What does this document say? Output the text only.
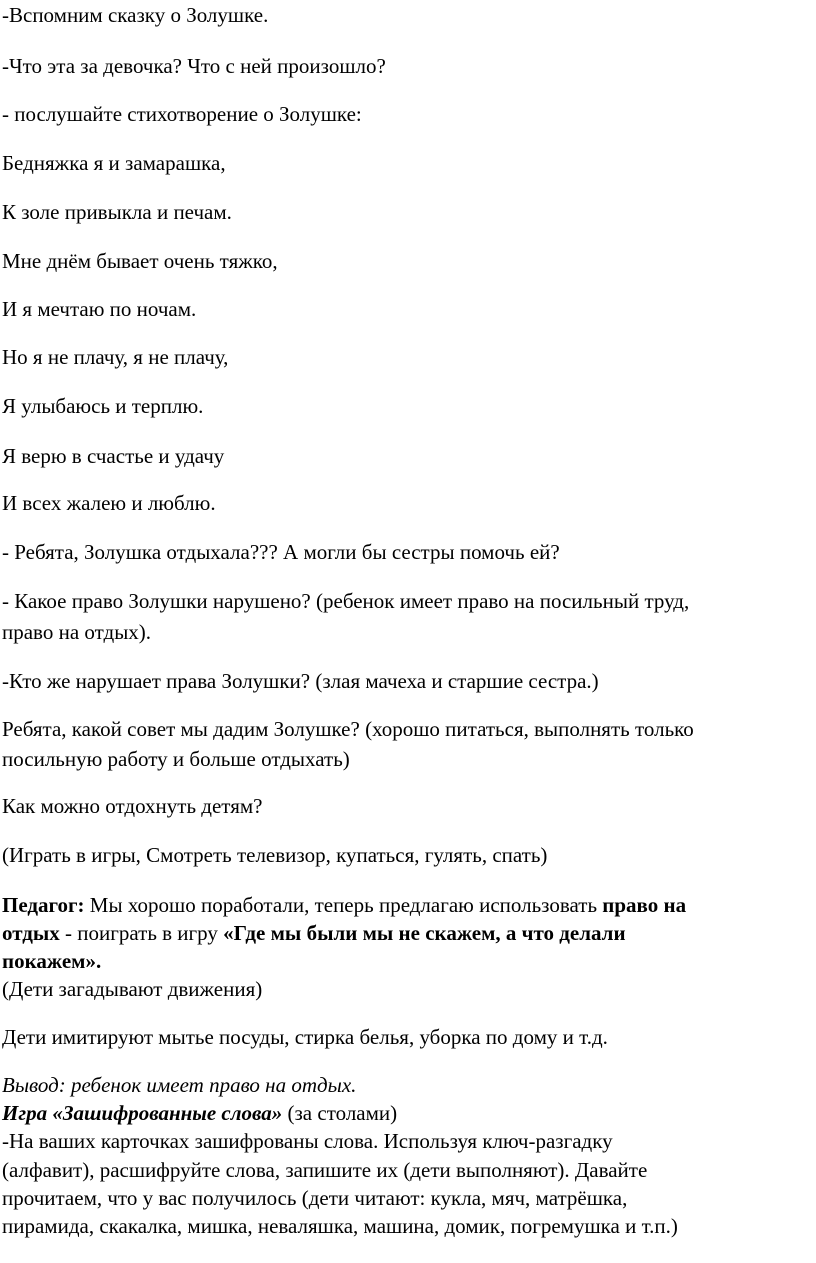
-Вспомним сказку о Золушке.

-Что эта за девочка? Что с ней произошло?

- послушайте стихотворение о Золушке:

Бедняжка я и замарашка,

К золе привыкла и печам.

Мне днём бывает очень тяжко,

И я мечтаю по ночам.

Но я не плачу, я не плачу,

Я улыбаюсь и терплю.

Я верю в счастье и удачу

И всех жалею и люблю.

- Ребята, Золушка отдыхала??? А могли бы сестры помочь ей?

- Какое право Золушки нарушено? (ребенок имеет право на посильный труд,

право на отдых).

-Кто же нарушает права Золушки? (злая мачеха и старшие сестра.)

Ребята, какой совет мы дадим Золушке? (хорошо питаться, выполнять только

посильную работу и больше отдыхать)

Как можно отдохнуть детям?

(Играть в игры, Смотреть телевизор, купаться, гулять, спать)

Педагог: Мы хорошо поработали, теперь предлагаю использовать право на

отдых - поиграть в игру «Где мы были мы не скажем, а что делали

покажем».

(Дети загадывают движения)

Дети имитируют мытье посуды, стирка белья, уборка по дому и т.д.

Вывод: ребенок имеет право на отдых.

Игра «Зашифрованные слова» (за столами)

-На ваших карточках зашифрованы слова. Используя ключ-разгадку

(алфавит), расшифруйте слова, запишите их (дети выполняют). Давайте

прочитаем, что у вас получилось (дети читают: кукла, мяч, матрёшка,

пирамида, скакалка, мишка, неваляшка, машина, домик, погремушка и т.п.)
